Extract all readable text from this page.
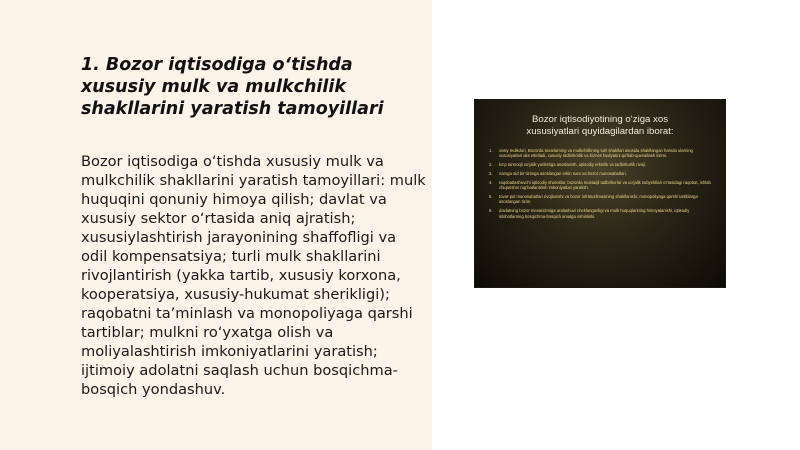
1. Bozor iqtisodiga o‘tishda xususiy mulk va mulkchilik shakllarini yaratish tamoyillari

Bozor iqtisodiga o‘tishda xususiy mulk va mulkchilik shakllarini yaratish tamoyillari: mulk huquqini qonuniy himoya qilish; davlat va xususiy sektor o‘rtasida aniq ajratish; xususiylashtirish jarayonining shaffofligi va odil kompensatsiya; turli mulk shakllarini rivojlantirish (yakka tartib, xususiy korxona, kooperatsiya, xususiy-hukumat sherikligi); raqobatni ta’minlash va monopoliyaga qarshi tartiblar; mulkni ro‘yxatga olish va moliyalashtirish imkoniyatlarini yaratish; ijtimoiy adolatni saqlash uchun bosqichma-bosqich yondashuv.

Bozor iqtisodiyotining o‘ziga xos
xususiyatlari quyidagilardan iborat:
1. xosiy mulkdori, Bozorda tovarlarning va mulkchilikning turli shakllari asosida shakllangan hamda ularning xususiyatlari aks ettiriladi, xususiy tadbirkorlik va biznes faoliyatini qo‘llab-quvvatlash tizimi.
2. ko‘p tarmoqli xo‘jalik yuritishga asoslanish, iqtisodiy erkinlik va tadbirkorlik rivoji.
3. narxga oid bir tizimga asoslangan erkin narx va bozor munosabatlari.
4. raqobatlashuvchi iqtisodiy sharoitlar, bozorda mustaqil tadbirkorlar va xo‘jalik subyektlari o‘rtasidagi raqobat, ishlab chiqarishni rag‘batlantirish imkoniyatlari yaratish.
5. tovar-pul munosabatlari rivojlanishi va bozor infratuzilmasining shakllanishi, monopoliyaga qarshi tartiblarga asoslangan tizim.
6. davlatning bozor mexanizmiga aralashuvi cheklanganligi va mulk huquqlarining himoyalanishi, iqtisodiy islohotlarning bosqichma-bosqich amalga oshirilishi.
